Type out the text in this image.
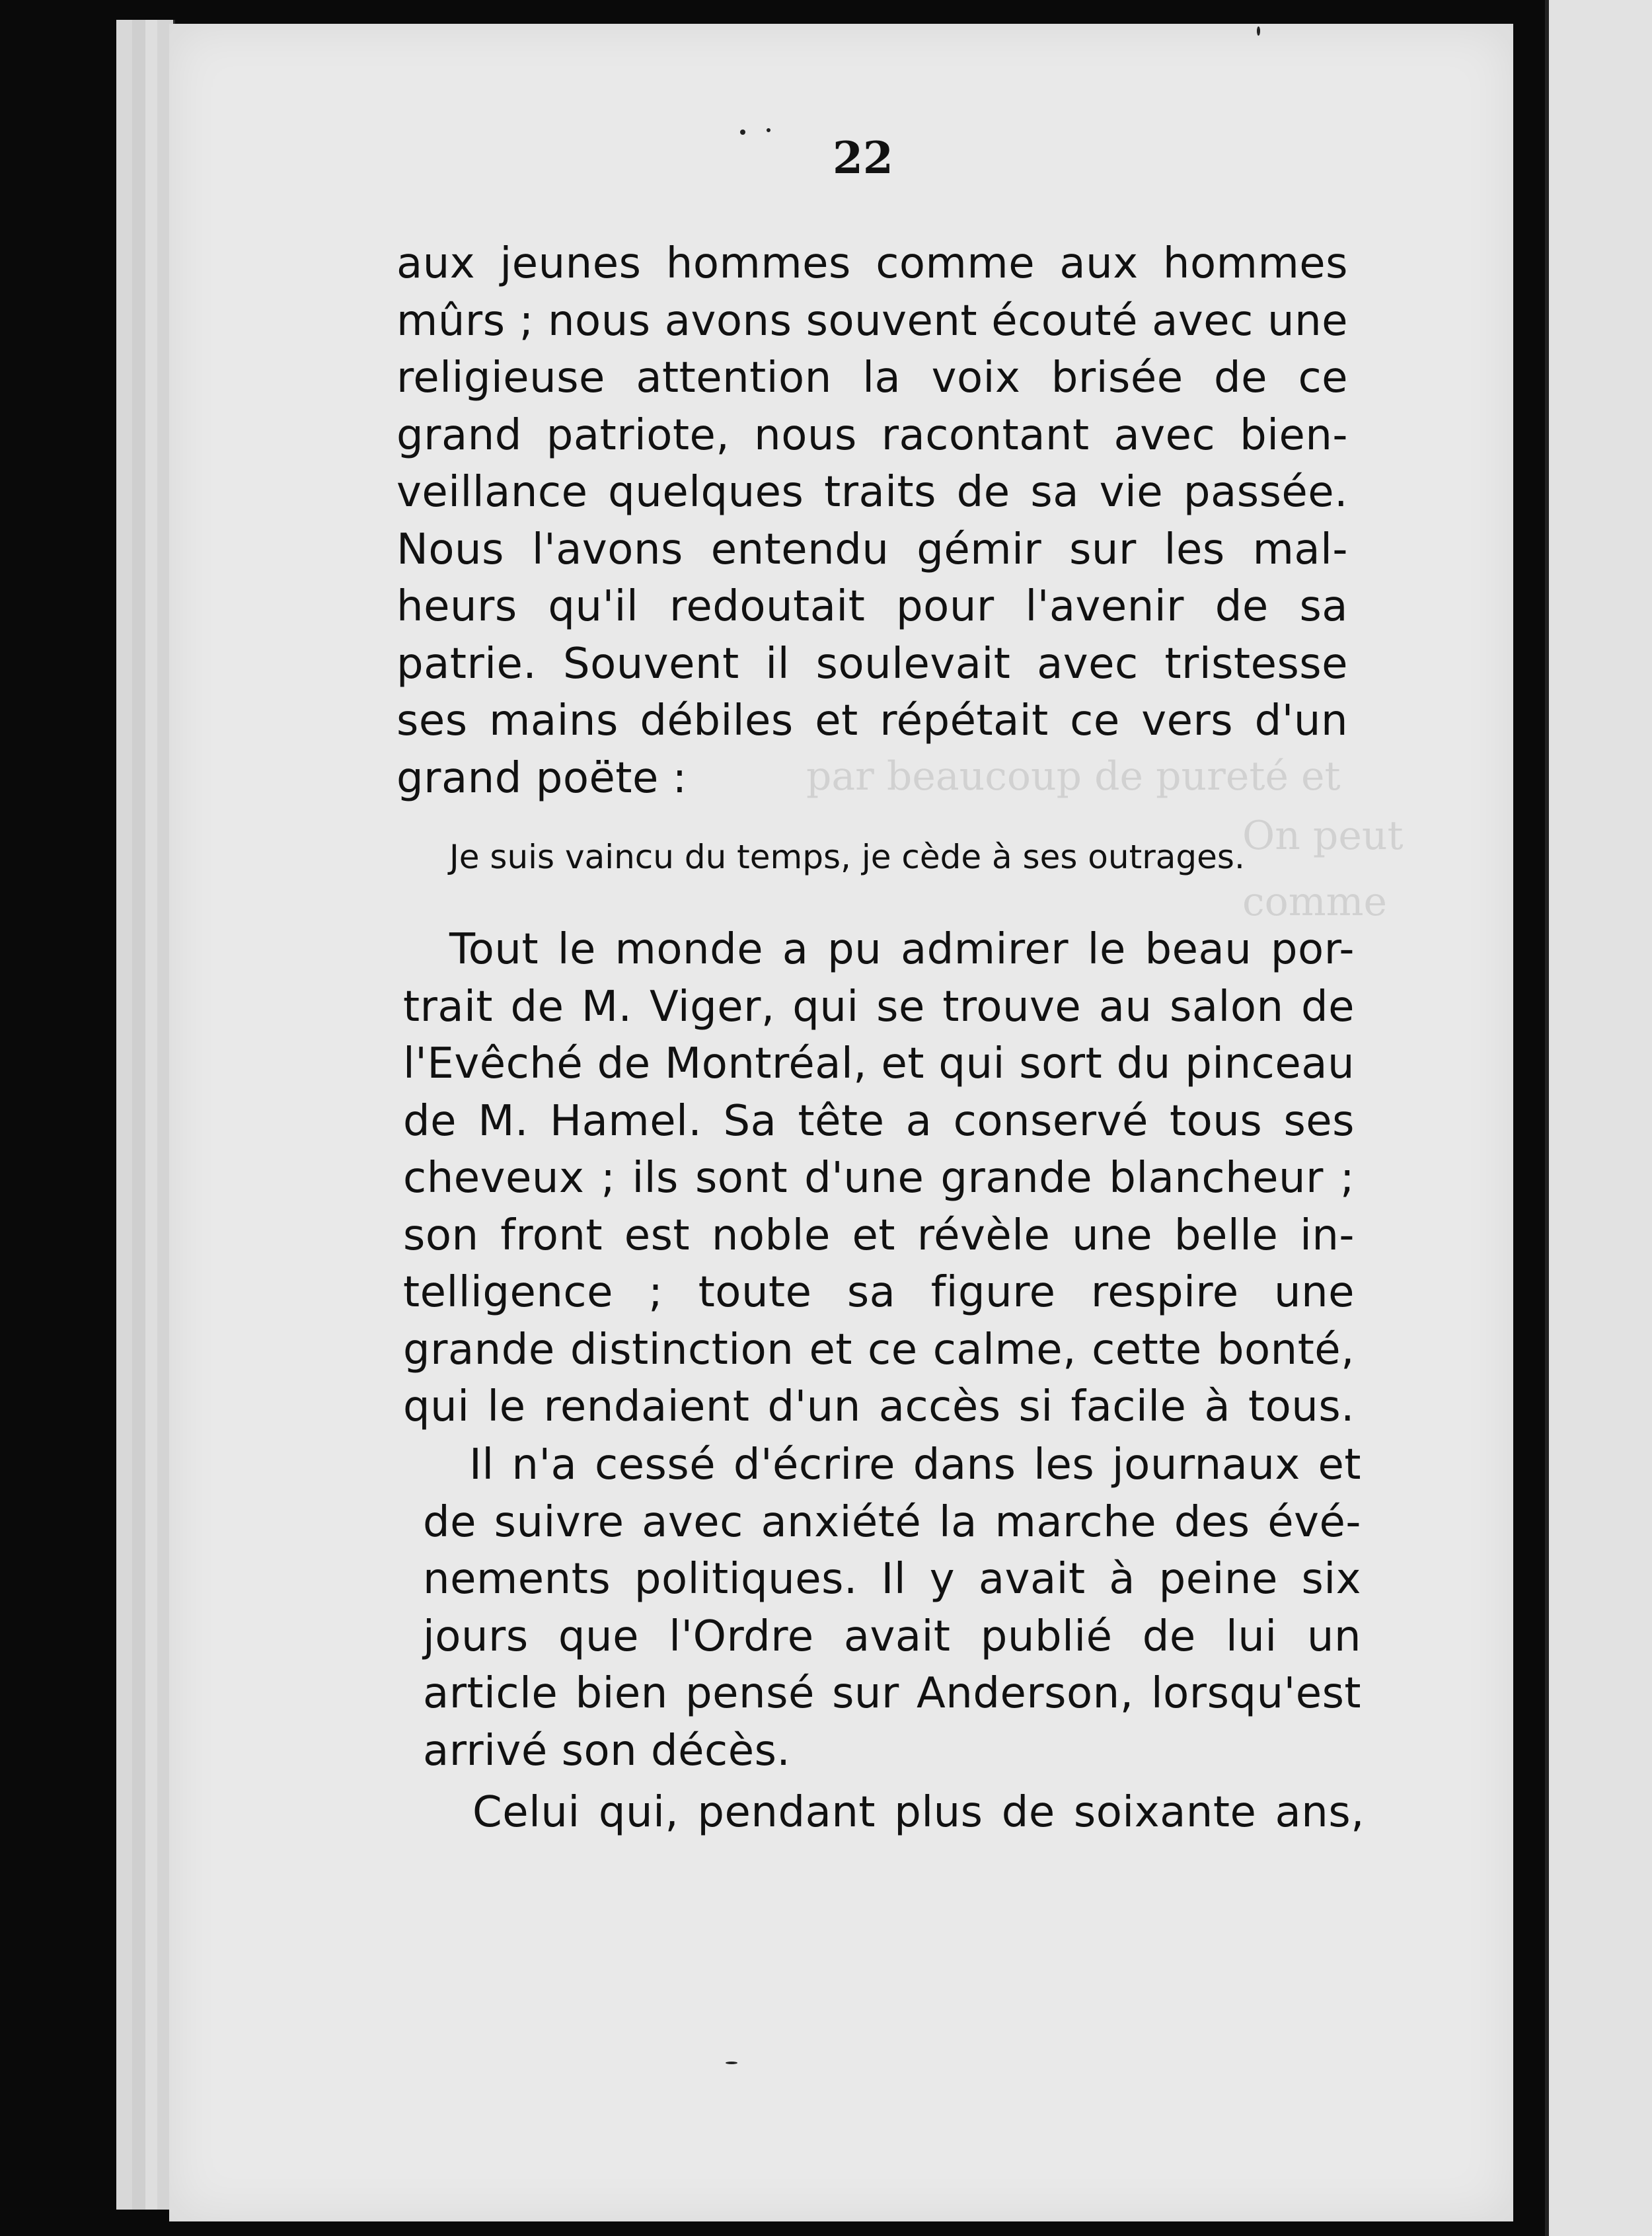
par beaucoup de pureté et
On peut
comme
22
aux jeunes hommes comme aux hommes
mûrs ; nous avons souvent écouté avec une
religieuse attention la voix brisée de ce
grand patriote, nous racontant avec bien-
veillance quelques traits de sa vie passée.
Nous l'avons entendu gémir sur les mal-
heurs qu'il redoutait pour l'avenir de sa
patrie. Souvent il soulevait avec tristesse
ses mains débiles et répétait ce vers d'un
grand poëte :
Je suis vaincu du temps, je cède à ses outrages.
Tout le monde a pu admirer le beau por-
trait de M. Viger, qui se trouve au salon de
l'Evêché de Montréal, et qui sort du pinceau
de M. Hamel. Sa tête a conservé tous ses
cheveux ; ils sont d'une grande blancheur ;
son front est noble et révèle une belle in-
telligence ; toute sa figure respire une
grande distinction et ce calme, cette bonté,
qui le rendaient d'un accès si facile à tous.
Il n'a cessé d'écrire dans les journaux et
de suivre avec anxiété la marche des évé-
nements politiques. Il y avait à peine six
jours que l'Ordre avait publié de lui un
article bien pensé sur Anderson, lorsqu'est
arrivé son décès.
Celui qui, pendant plus de soixante ans,
